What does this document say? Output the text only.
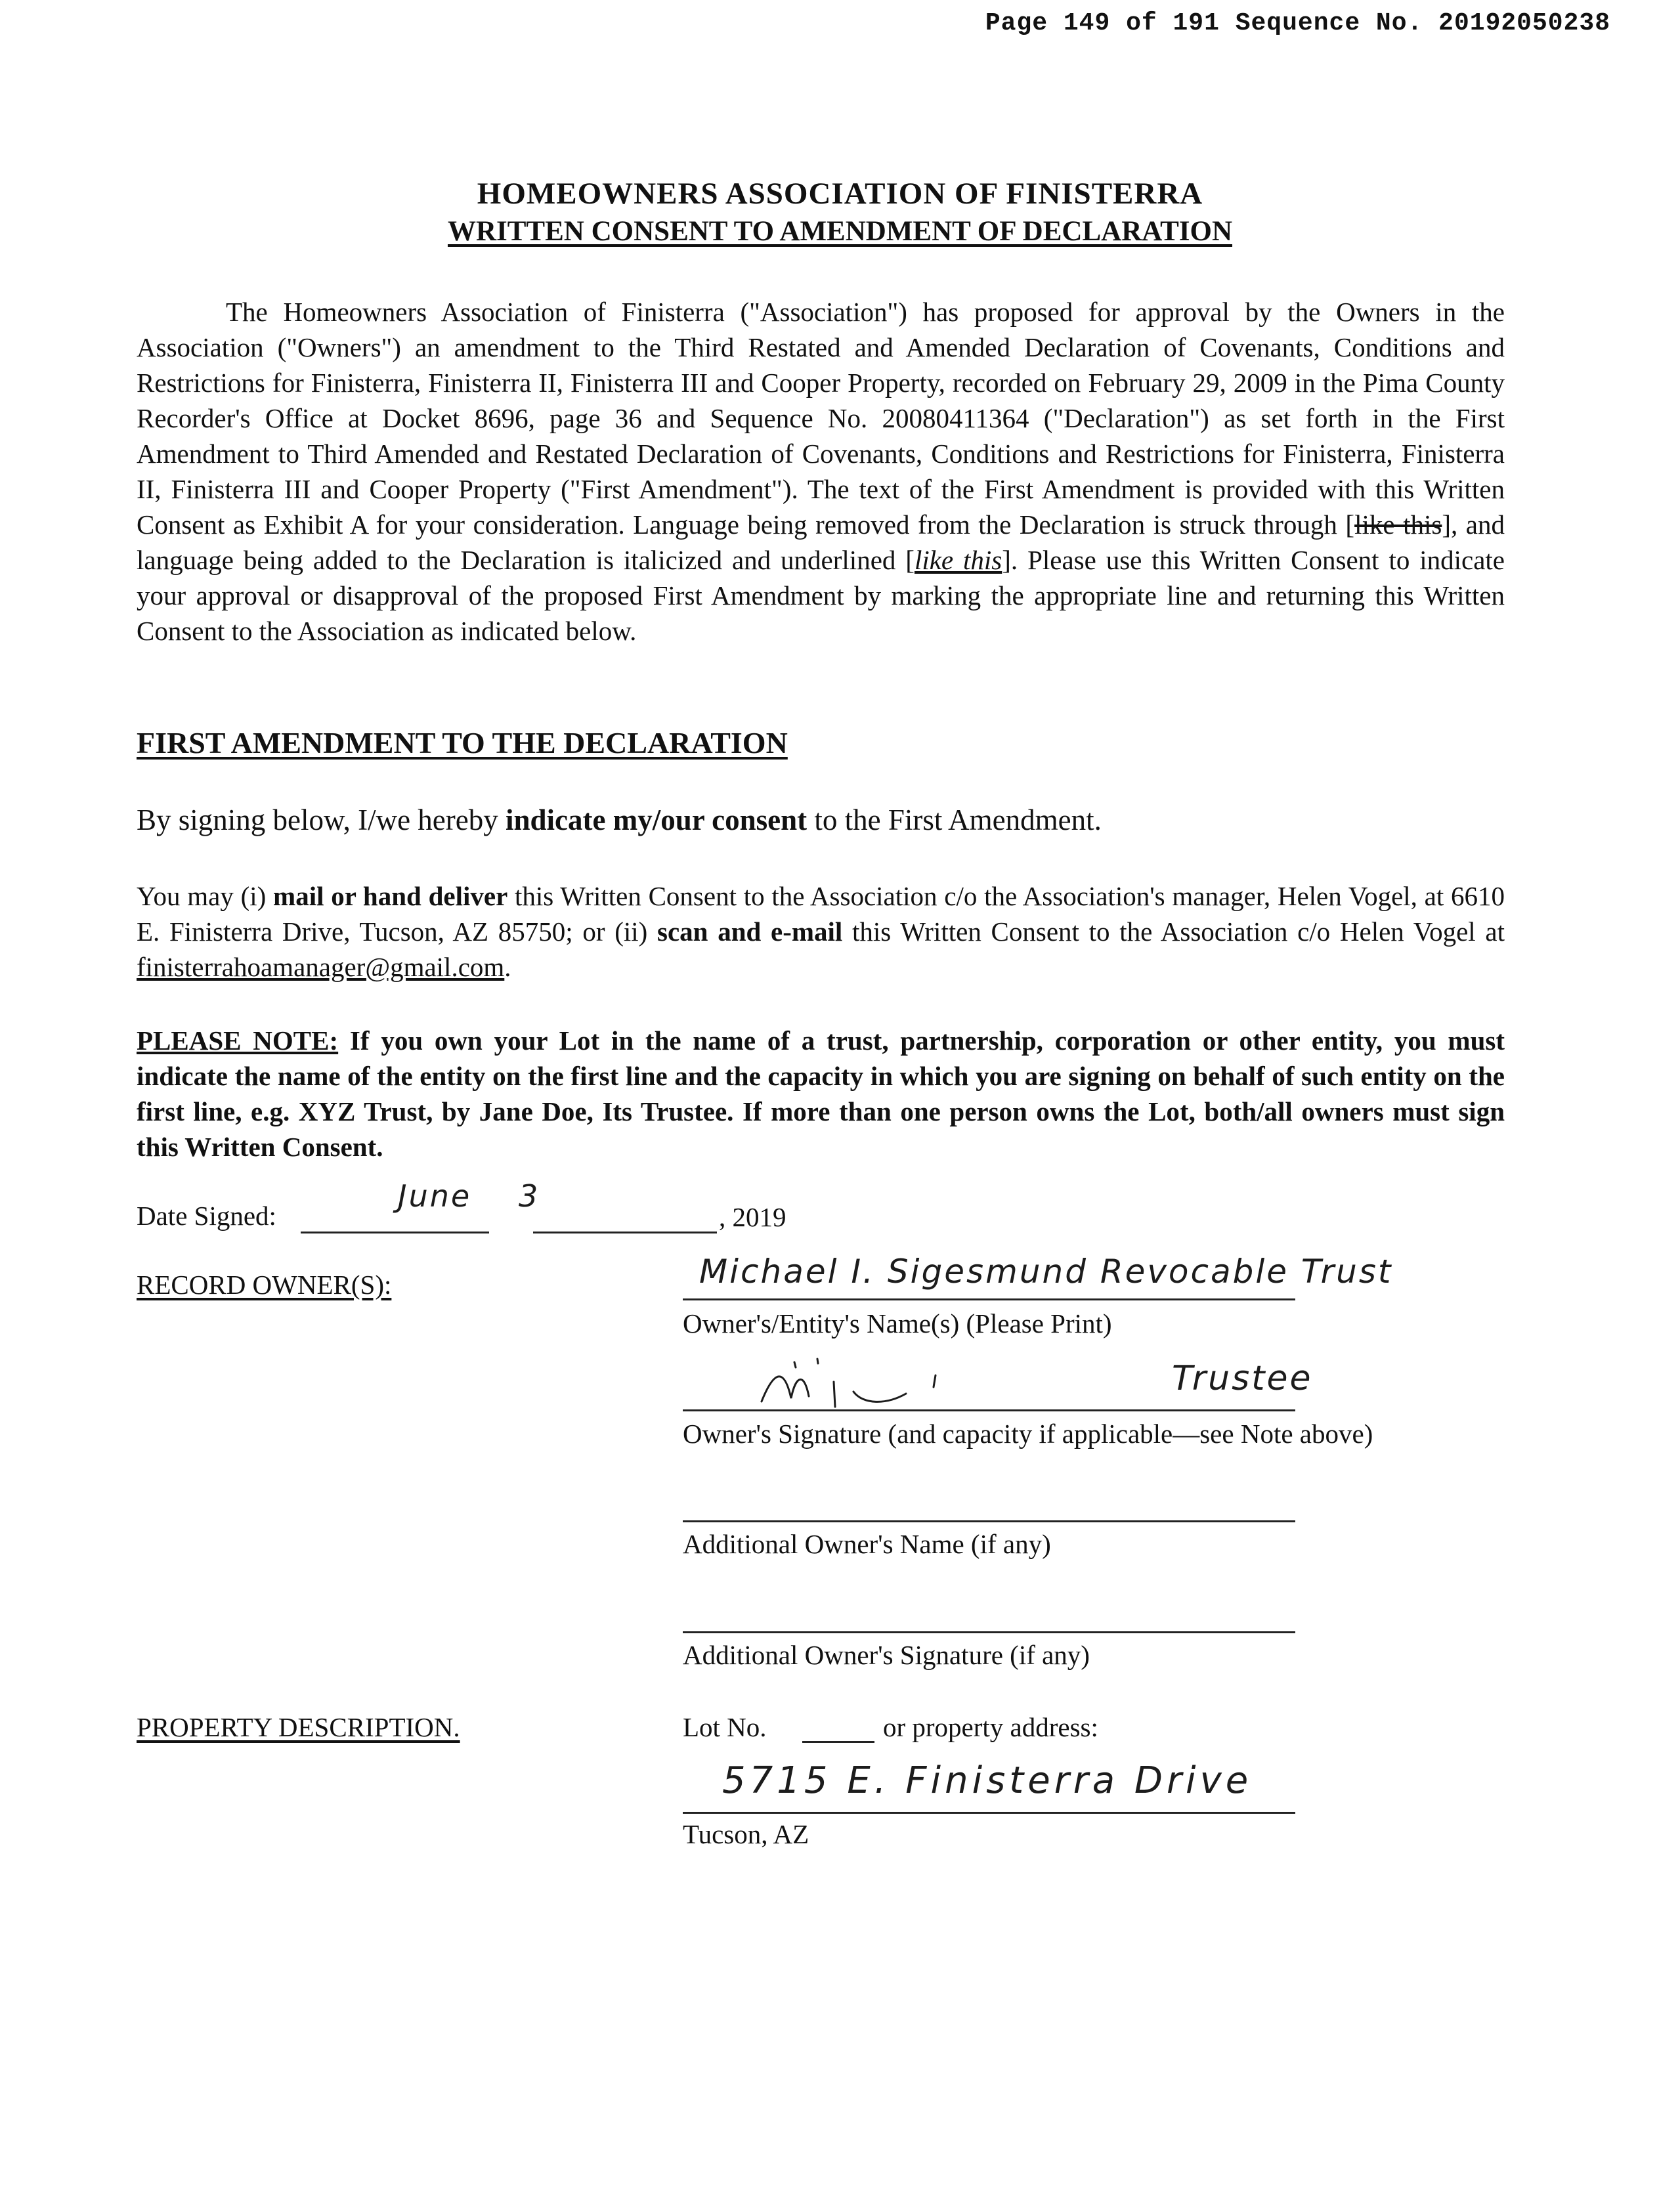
Page 149 of 191 Sequence No. 20192050238
HOMEOWNERS ASSOCIATION OF FINISTERRA
WRITTEN CONSENT TO AMENDMENT OF DECLARATION
The Homeowners Association of Finisterra ("Association") has proposed for approval by the Owners in the Association ("Owners") an amendment to the Third Restated and Amended Declaration of Covenants, Conditions and Restrictions for Finisterra, Finisterra II, Finisterra III and Cooper Property, recorded on February 29, 2009 in the Pima County Recorder's Office at Docket 8696, page 36 and Sequence No. 20080411364 ("Declaration") as set forth in the First Amendment to Third Amended and Restated Declaration of Covenants, Conditions and Restrictions for Finisterra, Finisterra II, Finisterra III and Cooper Property ("First Amendment"). The text of the First Amendment is provided with this Written Consent as Exhibit A for your consideration. Language being removed from the Declaration is struck through [like this], and language being added to the Declaration is italicized and underlined [like this]. Please use this Written Consent to indicate your approval or disapproval of the proposed First Amendment by marking the appropriate line and returning this Written Consent to the Association as indicated below.
FIRST AMENDMENT TO THE DECLARATION
By signing below, I/we hereby indicate my/our consent to the First Amendment.
You may (i) mail or hand deliver this Written Consent to the Association c/o the Association's manager, Helen Vogel, at 6610 E. Finisterra Drive, Tucson, AZ 85750; or (ii) scan and e-mail this Written Consent to the Association c/o Helen Vogel at finisterrahoamanager@gmail.com.
PLEASE NOTE: If you own your Lot in the name of a trust, partnership, corporation or other entity, you must indicate the name of the entity on the first line and the capacity in which you are signing on behalf of such entity on the first line, e.g. XYZ Trust, by Jane Doe, Its Trustee. If more than one person owns the Lot, both/all owners must sign this Written Consent.
Date Signed:
June 3
, 2019
RECORD OWNER(S):	Michael I. Sigesmund Revocable Trust
Owner's/Entity's Name(s) (Please Print)
Trustee
Owner's Signature (and capacity if applicable—see Note above)
Additional Owner's Name (if any)
Additional Owner's Signature (if any)
PROPERTY DESCRIPTION.	Lot No.	or property address:
5715 E. Finisterra Drive
Tucson, AZ
